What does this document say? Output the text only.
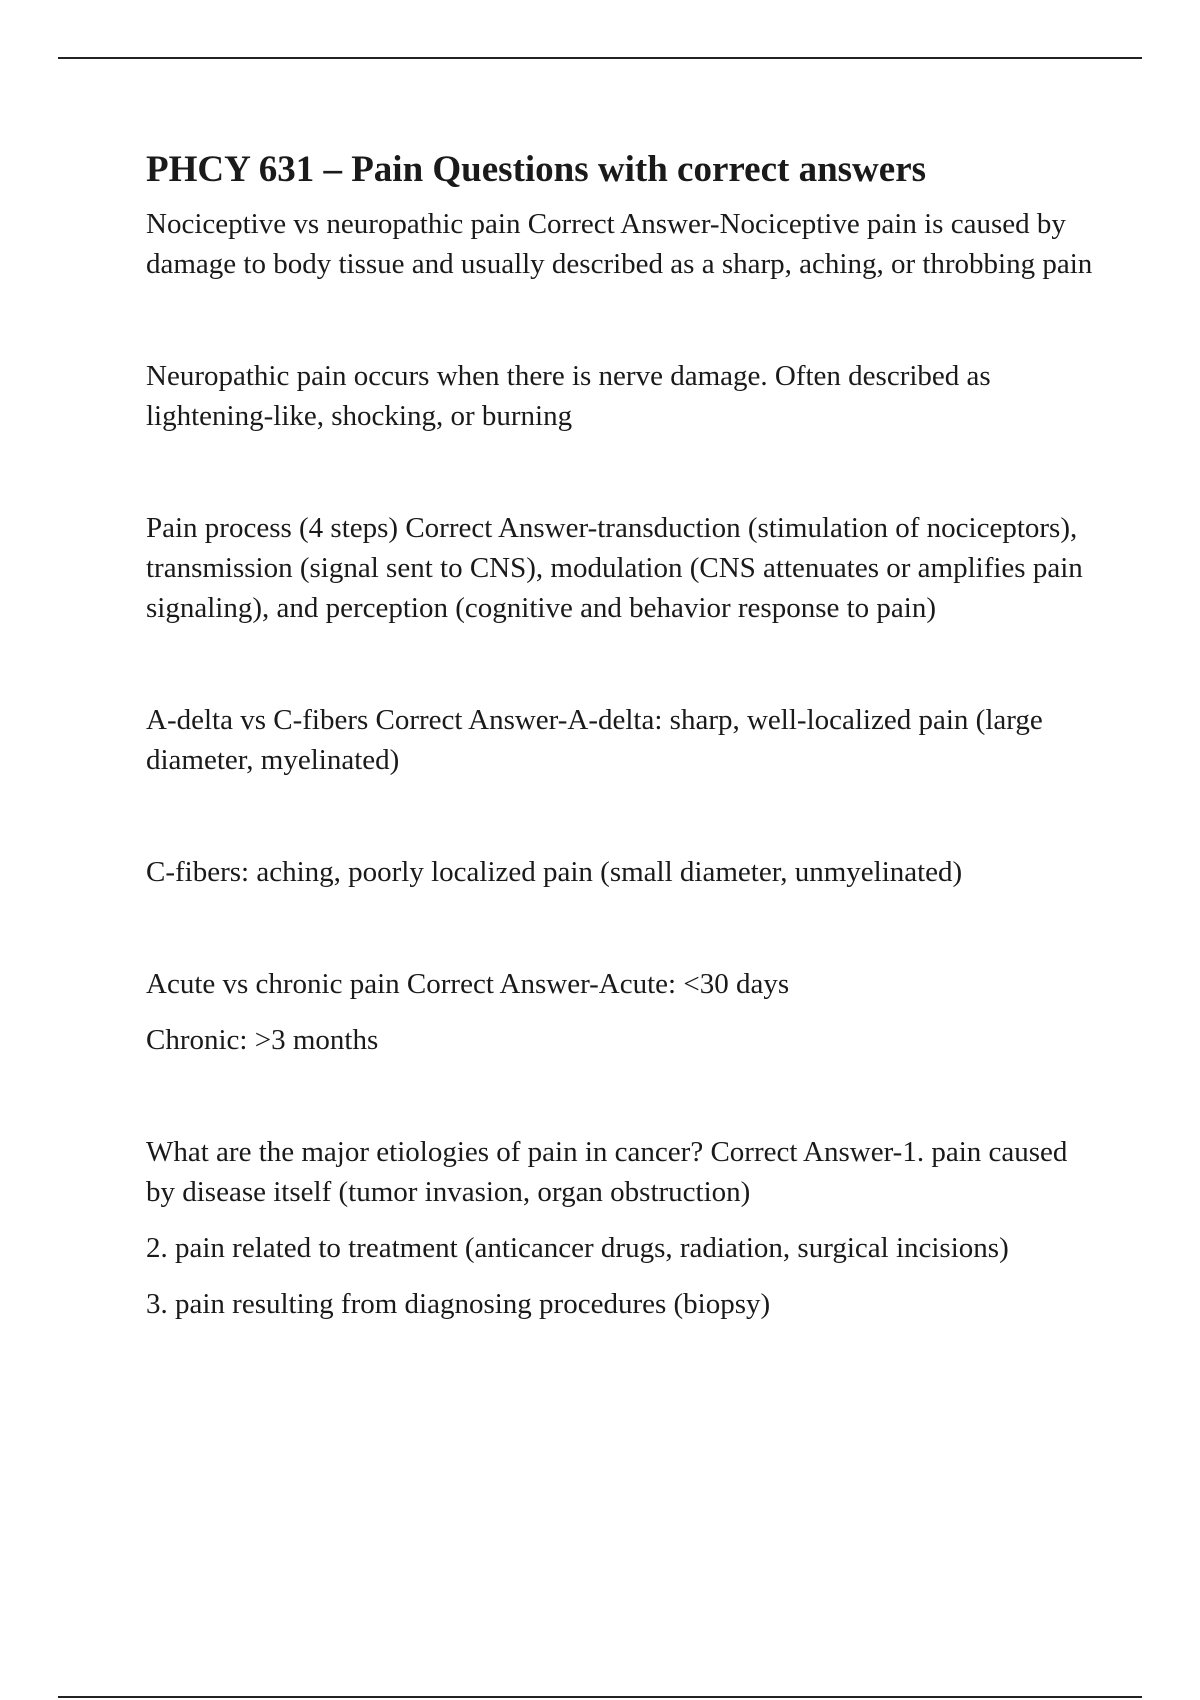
PHCY 631 – Pain Questions with correct answers

Nociceptive vs neuropathic pain Correct Answer-Nociceptive pain is caused by damage to body tissue and usually described as a sharp, aching, or throbbing pain

Neuropathic pain occurs when there is nerve damage. Often described as lightening-like, shocking, or burning

Pain process (4 steps) Correct Answer-transduction (stimulation of nociceptors), transmission (signal sent to CNS), modulation (CNS attenuates or amplifies pain signaling), and perception (cognitive and behavior response to pain)

A-delta vs C-fibers Correct Answer-A-delta: sharp, well-localized pain (large diameter, myelinated)

C-fibers: aching, poorly localized pain (small diameter, unmyelinated)

Acute vs chronic pain Correct Answer-Acute: <30 days

Chronic: >3 months

What are the major etiologies of pain in cancer? Correct Answer-1. pain caused by disease itself (tumor invasion, organ obstruction)

2. pain related to treatment (anticancer drugs, radiation, surgical incisions)

3. pain resulting from diagnosing procedures (biopsy)
